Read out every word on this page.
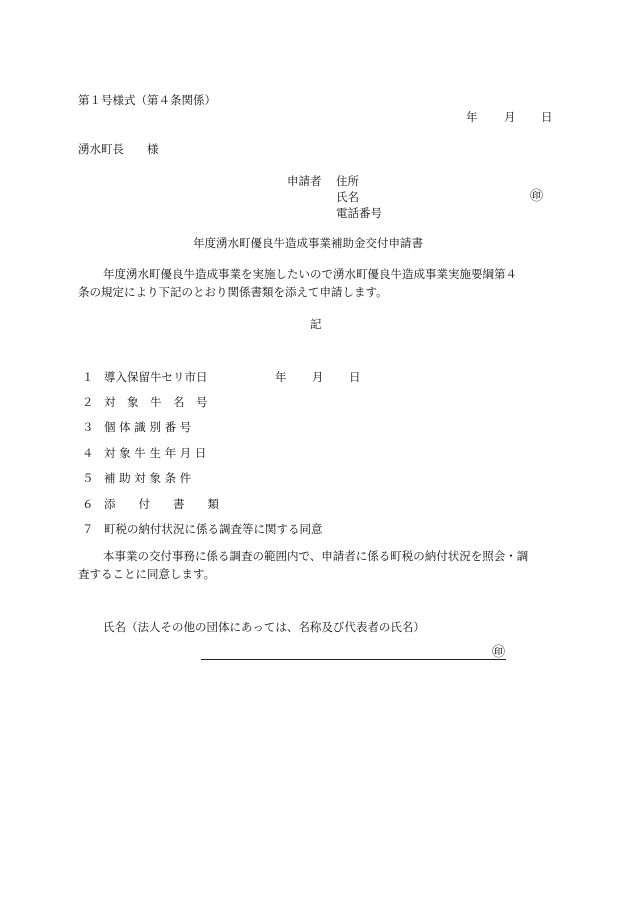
第１号様式（第４条関係）
年 月 日
湧水町長　　様
申請者 住所
氏名	㊞
電話番号
年度湧水町優良牛造成事業補助金交付申請書
年度湧水町優良牛造成事業を実施したいので湧水町優良牛造成事業実施要綱第４
条の規定により下記のとおり関係書類を添えて申請します。
記
１ 導入保留牛セリ市日	年 月 日
２ 対　象　牛　名　号
３ 個 体 識 別 番 号
４ 対 象 牛 生 年 月 日
５ 補 助 対 象 条 件
６ 添　　付　　書　　類
７ 町税の納付状況に係る調査等に関する同意
本事業の交付事務に係る調査の範囲内で、申請者に係る町税の納付状況を照会・調
査することに同意します。
氏名（法人その他の団体にあっては、名称及び代表者の氏名）
㊞
